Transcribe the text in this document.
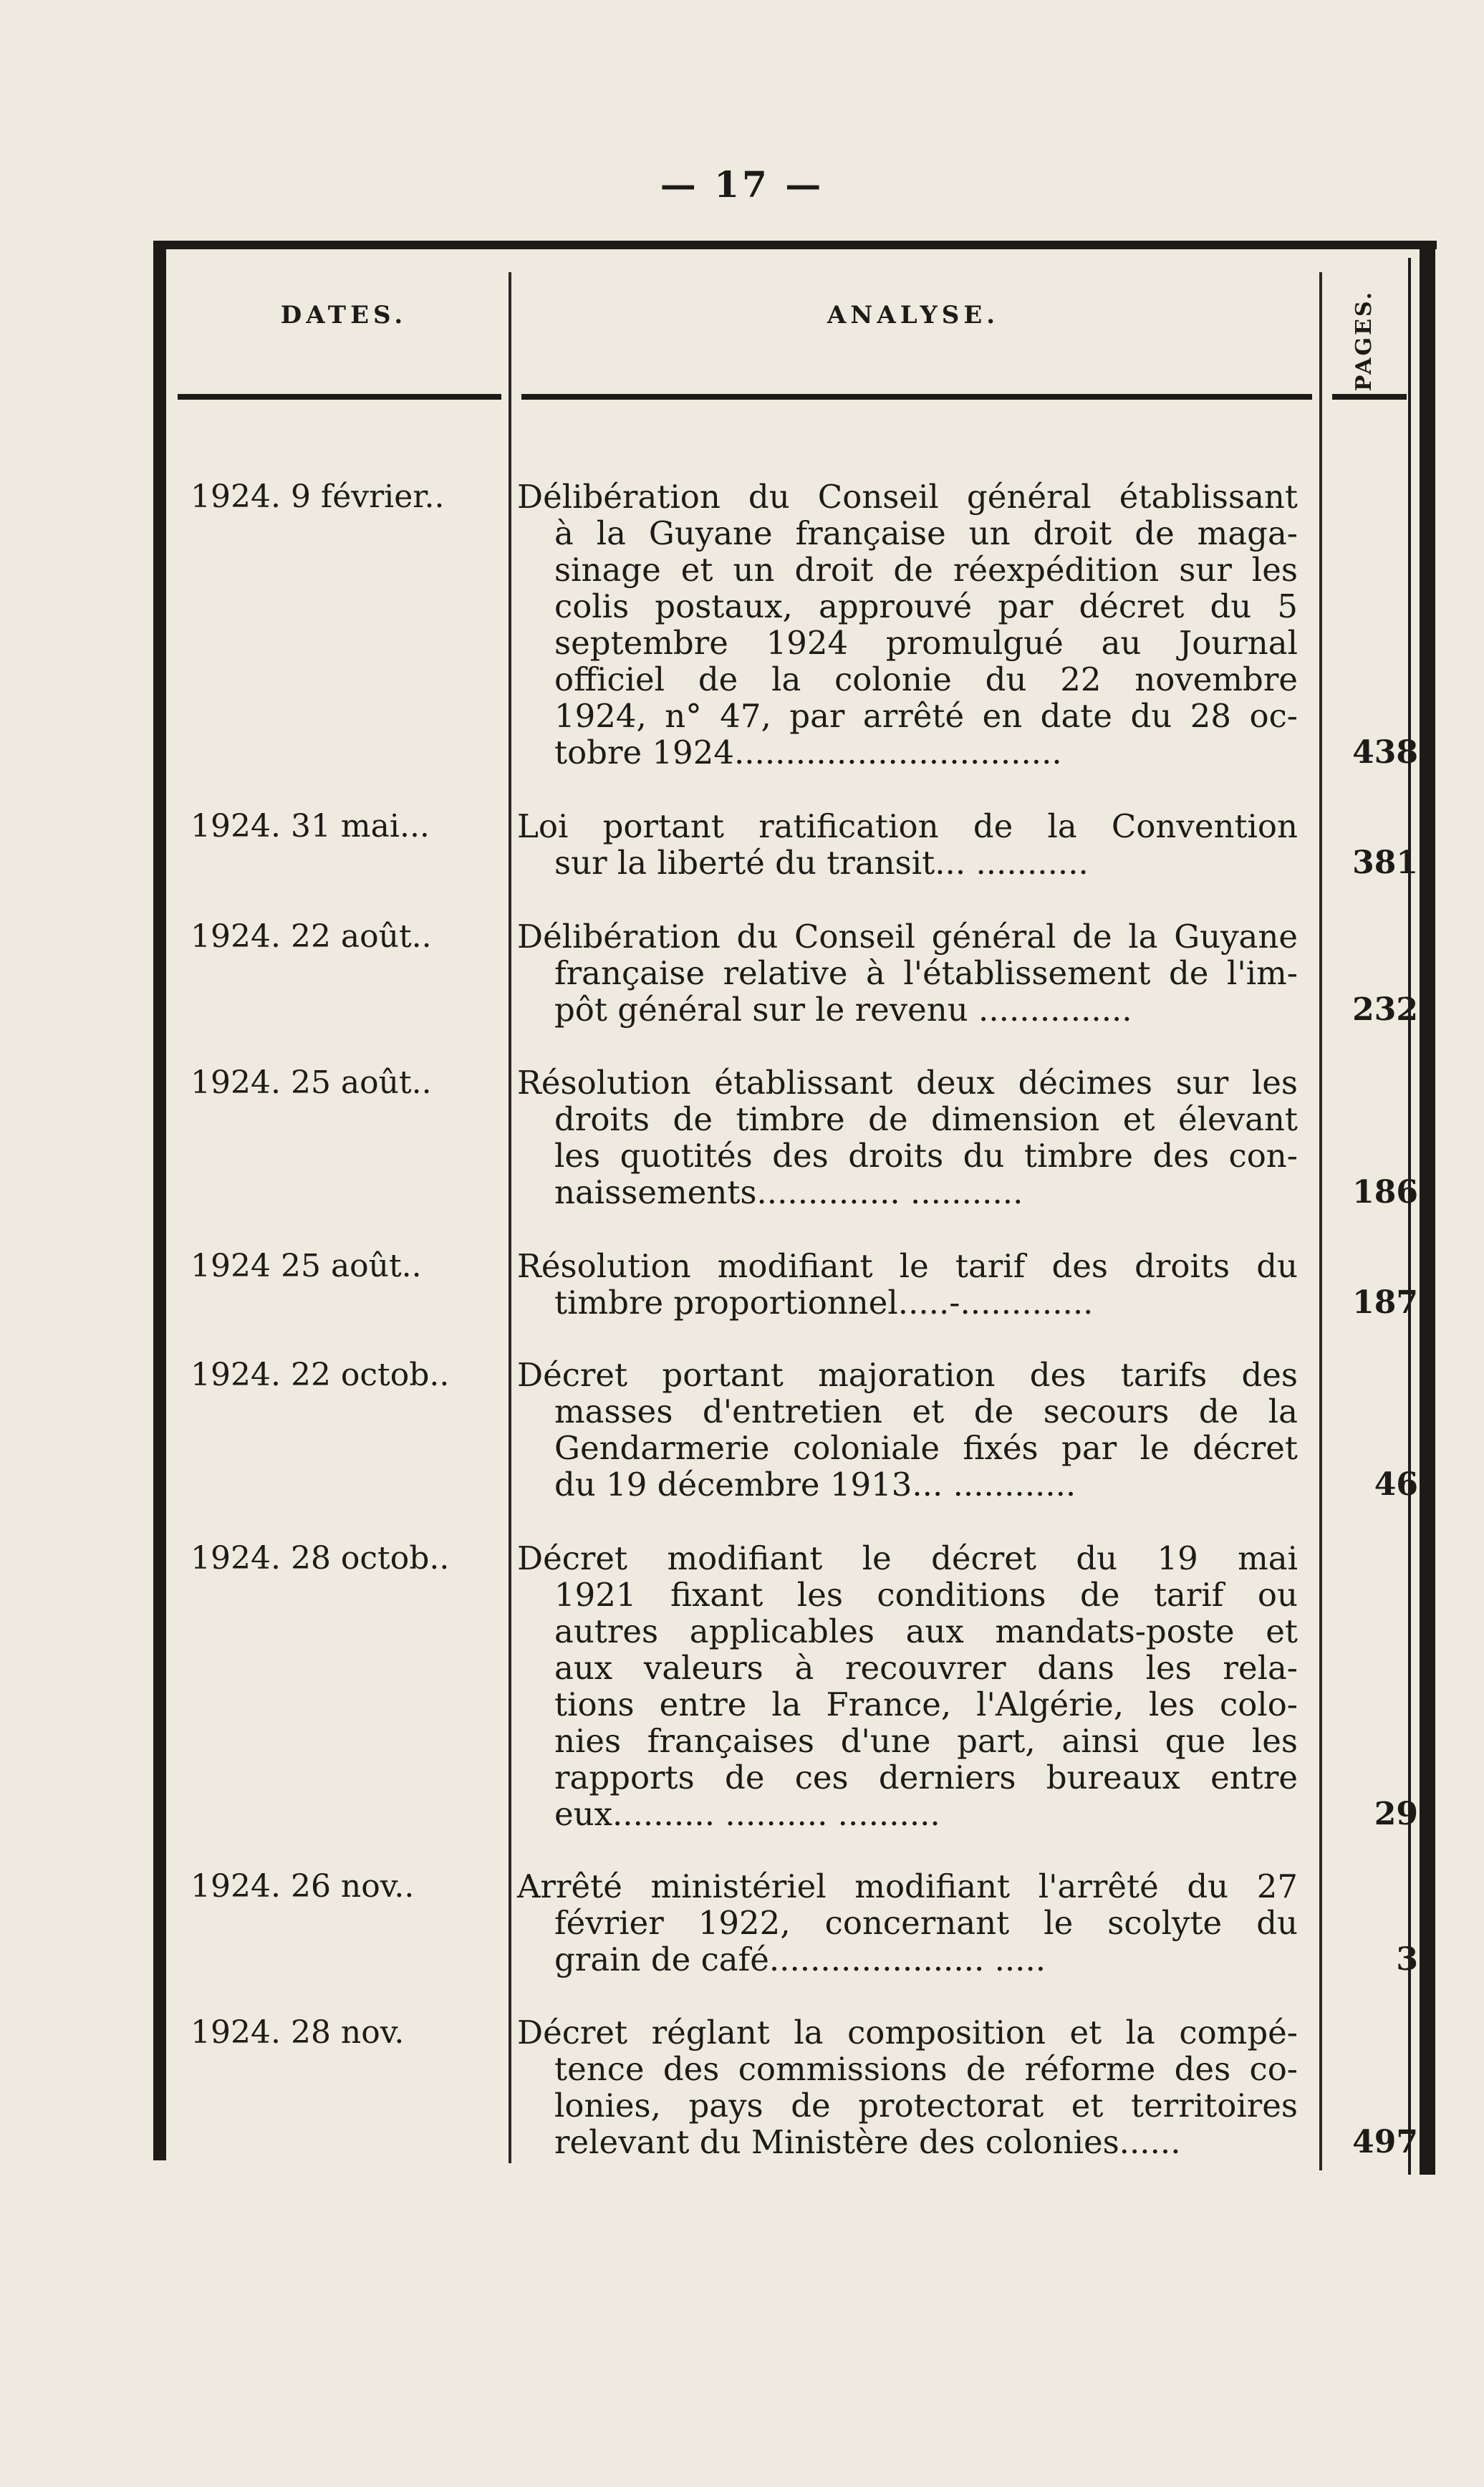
— 17 —
DATES.	ANALYSE.	PAGES.
1924. 9 février..	Délibération du Conseil général établissant
à la Guyane française un droit de maga-
sinage et un droit de réexpédition sur les
colis postaux, approuvé par décret du 5
septembre 1924 promulgué au Journal
officiel de la colonie du 22 novembre
1924, n° 47, par arrêté en date du 28 oc-
tobre 1924................................	438
1924. 31 mai...	Loi portant ratification de la Convention
sur la liberté du transit... ...........	381
1924. 22 août..	Délibération du Conseil général de la Guyane
française relative à l'établissement de l'im-
pôt général sur le revenu ...............	232
1924. 25 août..	Résolution établissant deux décimes sur les
droits de timbre de dimension et élevant
les quotités des droits du timbre des con-
naissements.............. ...........	186
1924 25 août..	Résolution modifiant le tarif des droits du
timbre proportionnel.....-.............	187
1924. 22 octob..	Décret portant majoration des tarifs des
masses d'entretien et de secours de la
Gendarmerie coloniale fixés par le décret
du 19 décembre 1913... ............	46
1924. 28 octob..	Décret modifiant le décret du 19 mai
1921 fixant les conditions de tarif ou
autres applicables aux mandats-poste et
aux valeurs à recouvrer dans les rela-
tions entre la France, l'Algérie, les colo-
nies françaises d'une part, ainsi que les
rapports de ces derniers bureaux entre
eux.......... .......... ..........	29
1924. 26 nov..	Arrêté ministériel modifiant l'arrêté du 27
février 1922, concernant le scolyte du
grain de café..................... .....	3
1924. 28 nov.	Décret réglant la composition et la compé-
tence des commissions de réforme des co-
lonies, pays de protectorat et territoires
relevant du Ministère des colonies......	497
